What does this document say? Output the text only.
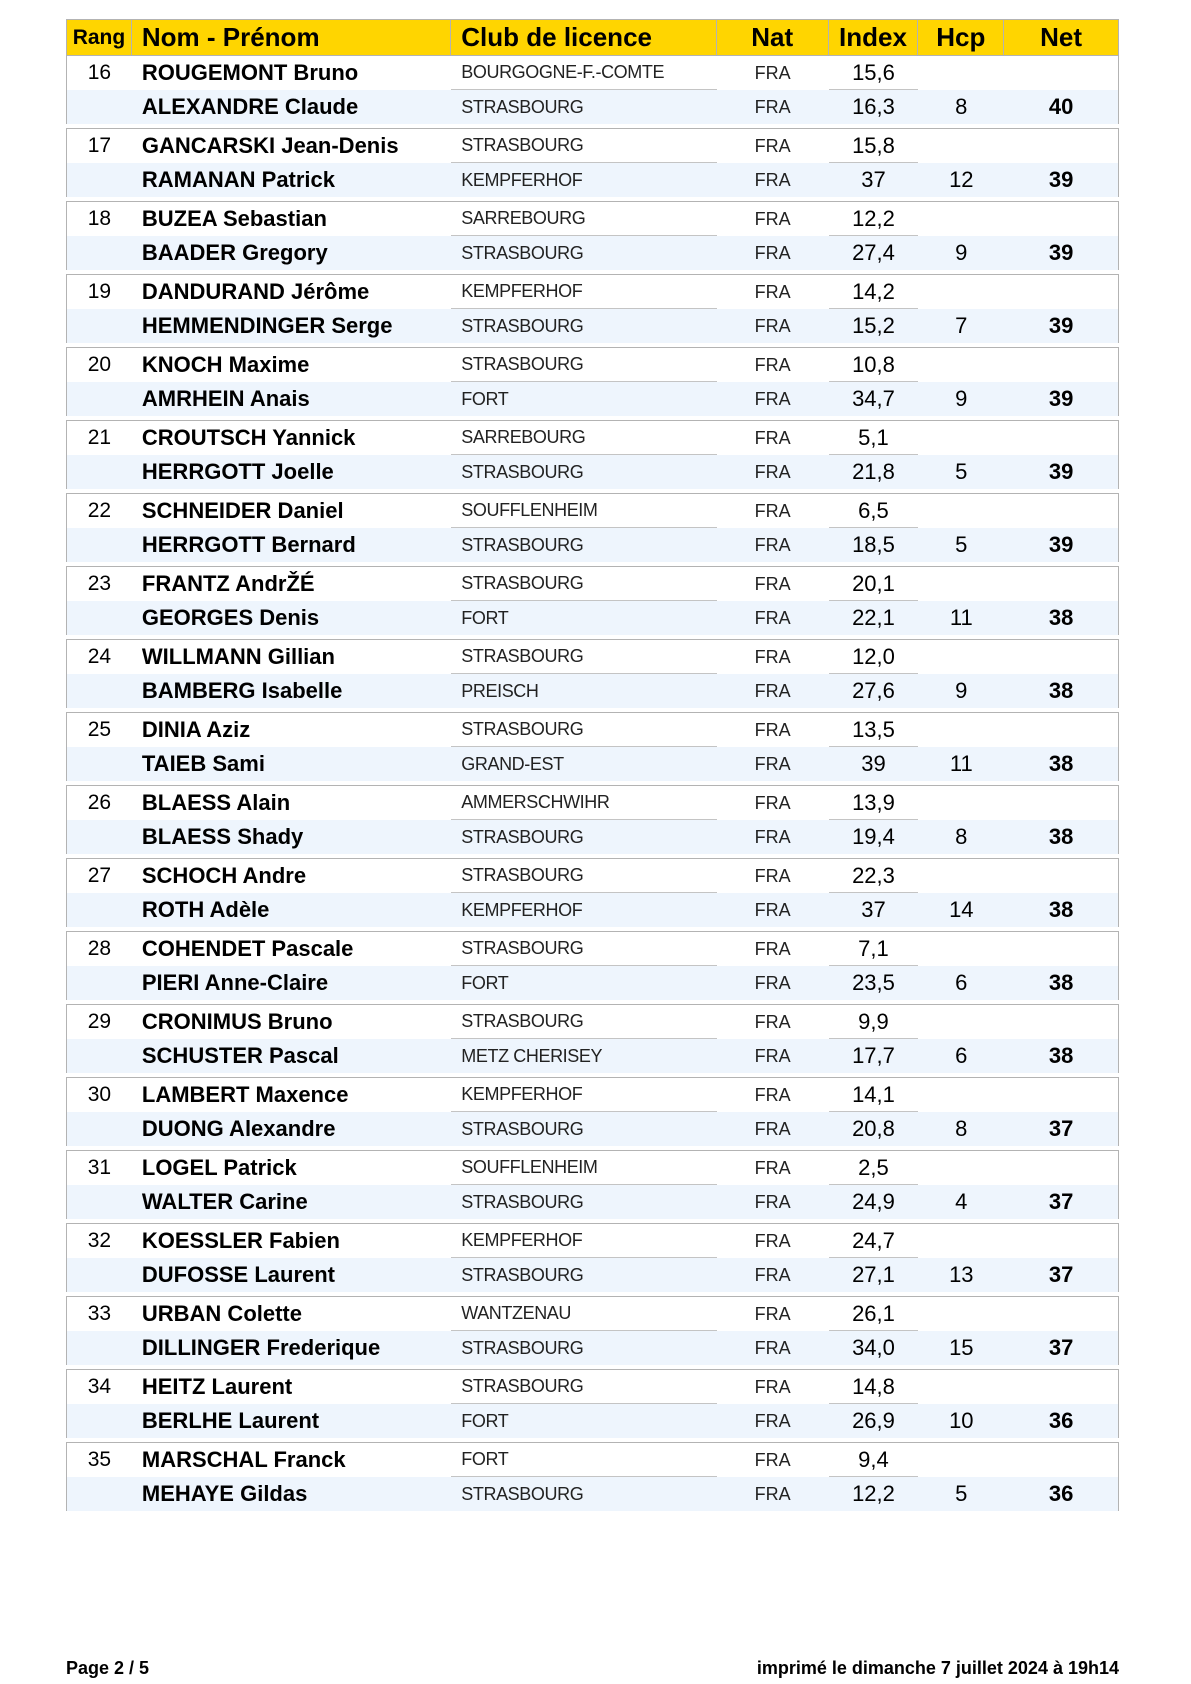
Rang Nom - Prénom	Club de licence	Nat	Index	Hcp	Net
16	ROUGEMONT Bruno	BOURGOGNE-F.-COMTE	FRA	15,6
ALEXANDRE Claude	STRASBOURG	FRA	16,3	8	40
17	GANCARSKI Jean-Denis	STRASBOURG	FRA	15,8
RAMANAN Patrick	KEMPFERHOF	FRA	37	12	39
18	BUZEA Sebastian	SARREBOURG	FRA	12,2
BAADER Gregory	STRASBOURG	FRA	27,4	9	39
19	DANDURAND Jérôme	KEMPFERHOF	FRA	14,2
HEMMENDINGER Serge	STRASBOURG	FRA	15,2	7	39
20	KNOCH Maxime	STRASBOURG	FRA	10,8
AMRHEIN Anais	FORT	FRA	34,7	9	39
21	CROUTSCH Yannick	SARREBOURG	FRA	5,1
HERRGOTT Joelle	STRASBOURG	FRA	21,8	5	39
22	SCHNEIDER Daniel	SOUFFLENHEIM	FRA	6,5
HERRGOTT Bernard	STRASBOURG	FRA	18,5	5	39
23	FRANTZ AndrŽÉ	STRASBOURG	FRA	20,1
GEORGES Denis	FORT	FRA	22,1	11	38
24	WILLMANN Gillian	STRASBOURG	FRA	12,0
BAMBERG Isabelle	PREISCH	FRA	27,6	9	38
25	DINIA Aziz	STRASBOURG	FRA	13,5
TAIEB Sami	GRAND-EST	FRA	39	11	38
26	BLAESS Alain	AMMERSCHWIHR	FRA	13,9
BLAESS Shady	STRASBOURG	FRA	19,4	8	38
27	SCHOCH Andre	STRASBOURG	FRA	22,3
ROTH Adèle	KEMPFERHOF	FRA	37	14	38
28	COHENDET Pascale	STRASBOURG	FRA	7,1
PIERI Anne-Claire	FORT	FRA	23,5	6	38
29	CRONIMUS Bruno	STRASBOURG	FRA	9,9
SCHUSTER Pascal	METZ CHERISEY	FRA	17,7	6	38
30	LAMBERT Maxence	KEMPFERHOF	FRA	14,1
DUONG Alexandre	STRASBOURG	FRA	20,8	8	37
31	LOGEL Patrick	SOUFFLENHEIM	FRA	2,5
WALTER Carine	STRASBOURG	FRA	24,9	4	37
32	KOESSLER Fabien	KEMPFERHOF	FRA	24,7
DUFOSSE Laurent	STRASBOURG	FRA	27,1	13	37
33	URBAN Colette	WANTZENAU	FRA	26,1
DILLINGER Frederique	STRASBOURG	FRA	34,0	15	37
34	HEITZ Laurent	STRASBOURG	FRA	14,8
BERLHE Laurent	FORT	FRA	26,9	10	36
35	MARSCHAL Franck	FORT	FRA	9,4
MEHAYE Gildas	STRASBOURG	FRA	12,2	5	36
Page 2 / 5	imprimé le dimanche 7 juillet 2024 à 19h14
